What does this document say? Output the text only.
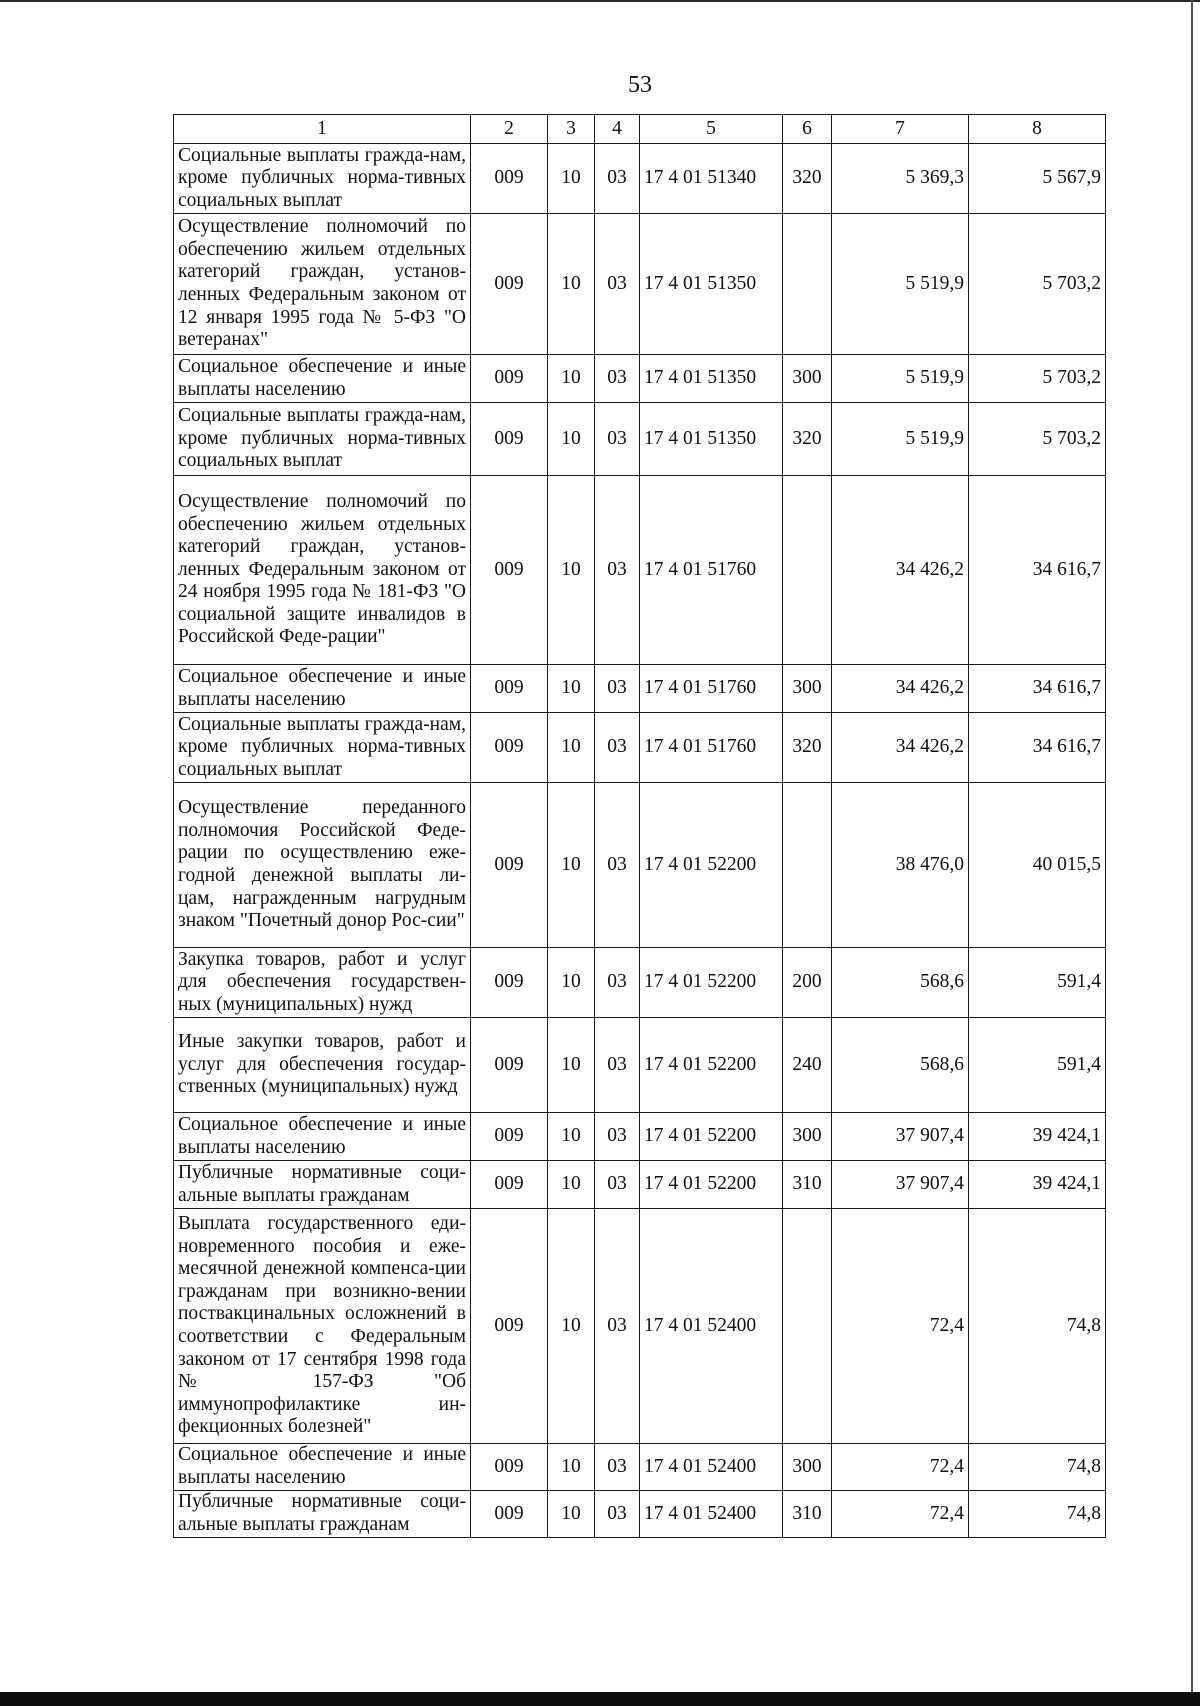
53
1	2	3	4	5	6	7	8
Социальные выплаты гражда-нам, кроме публичных норма-тивных социальных выплат	009	10	03	17 4 01 51340	320	5 369,3	5 567,9
Осуществление полномочий по обеспечению жильем отдельных категорий граждан, установ-ленных Федеральным законом от 12 января 1995 года № 5-ФЗ "О ветеранах"	009	10	03	17 4 01 51350		5 519,9	5 703,2
Социальное обеспечение и иные выплаты населению	009	10	03	17 4 01 51350	300	5 519,9	5 703,2
Социальные выплаты гражда-нам, кроме публичных норма-тивных социальных выплат	009	10	03	17 4 01 51350	320	5 519,9	5 703,2
Осуществление полномочий по обеспечению жильем отдельных категорий граждан, установ-ленных Федеральным законом от 24 ноября 1995 года № 181-ФЗ "О социальной защите инвалидов в Российской Феде-рации"	009	10	03	17 4 01 51760		34 426,2	34 616,7
Социальное обеспечение и иные выплаты населению	009	10	03	17 4 01 51760	300	34 426,2	34 616,7
Социальные выплаты гражда-нам, кроме публичных норма-тивных социальных выплат	009	10	03	17 4 01 51760	320	34 426,2	34 616,7
Осуществление переданного полномочия Российской Феде-рации по осуществлению еже-годной денежной выплаты ли-цам, награжденным нагрудным знаком "Почетный донор Рос-сии"	009	10	03	17 4 01 52200		38 476,0	40 015,5
Закупка товаров, работ и услуг для обеспечения государствен-ных (муниципальных) нужд	009	10	03	17 4 01 52200	200	568,6	591,4
Иные закупки товаров, работ и услуг для обеспечения государ-ственных (муниципальных) нужд	009	10	03	17 4 01 52200	240	568,6	591,4
Социальное обеспечение и иные выплаты населению	009	10	03	17 4 01 52200	300	37 907,4	39 424,1
Публичные нормативные соци-альные выплаты гражданам	009	10	03	17 4 01 52200	310	37 907,4	39 424,1
Выплата государственного еди-новременного пособия и еже-месячной денежной компенса-ции гражданам при возникно-вении поствакцинальных осложнений в соответствии с Федеральным законом от 17 сентября 1998 года № 157-ФЗ "Об иммунопрофилактике ин-фекционных болезней"	009	10	03	17 4 01 52400		72,4	74,8
Социальное обеспечение и иные выплаты населению	009	10	03	17 4 01 52400	300	72,4	74,8
Публичные нормативные соци-альные выплаты гражданам	009	10	03	17 4 01 52400	310	72,4	74,8
